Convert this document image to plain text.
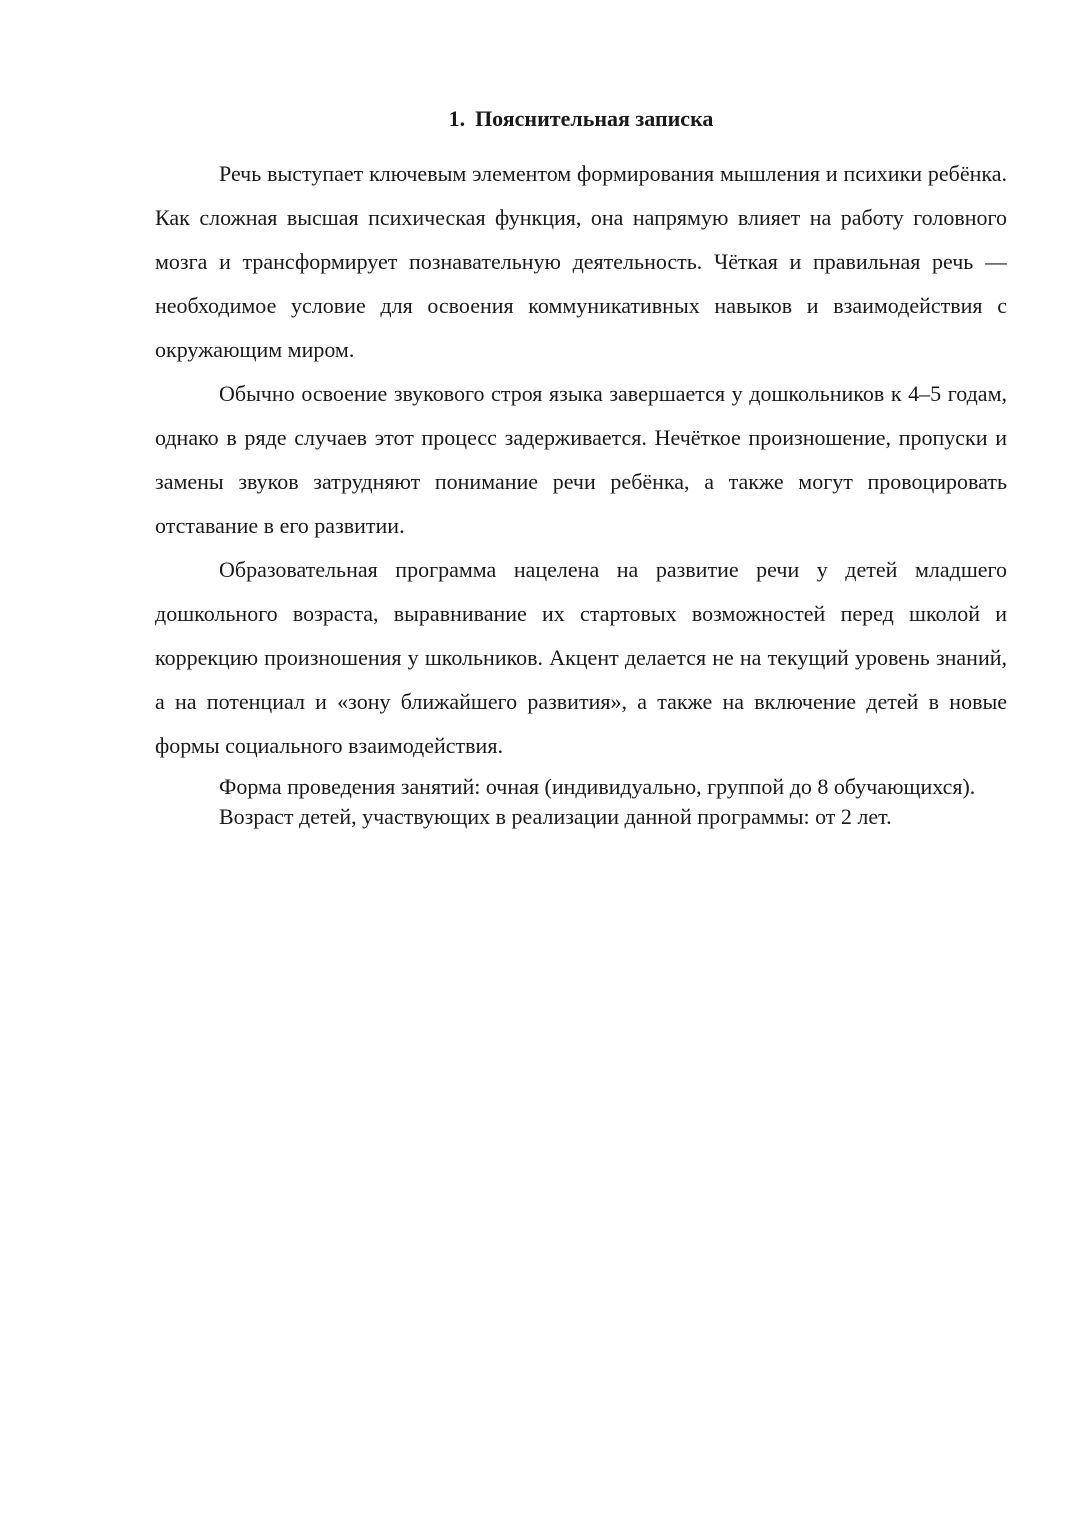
1. Пояснительная записка

Речь выступает ключевым элементом формирования мышления и психики ребёнка. Как сложная высшая психическая функция, она напрямую влияет на работу головного мозга и трансформирует познавательную деятельность. Чёткая и правильная речь — необходимое условие для освоения коммуникативных навыков и взаимодействия с окружающим миром.

Обычно освоение звукового строя языка завершается у дошкольников к 4–5 годам, однако в ряде случаев этот процесс задерживается. Нечёткое произношение, пропуски и замены звуков затрудняют понимание речи ребёнка, а также могут провоцировать отставание в его развитии.

Образовательная программа нацелена на развитие речи у детей младшего дошкольного возраста, выравнивание их стартовых возможностей перед школой и коррекцию произношения у школьников. Акцент делается не на текущий уровень знаний, а на потенциал и «зону ближайшего развития», а также на включение детей в новые формы социального взаимодействия.

Форма проведения занятий: очная (индивидуально, группой до 8 обучающихся).

Возраст детей, участвующих в реализации данной программы: от 2 лет.
